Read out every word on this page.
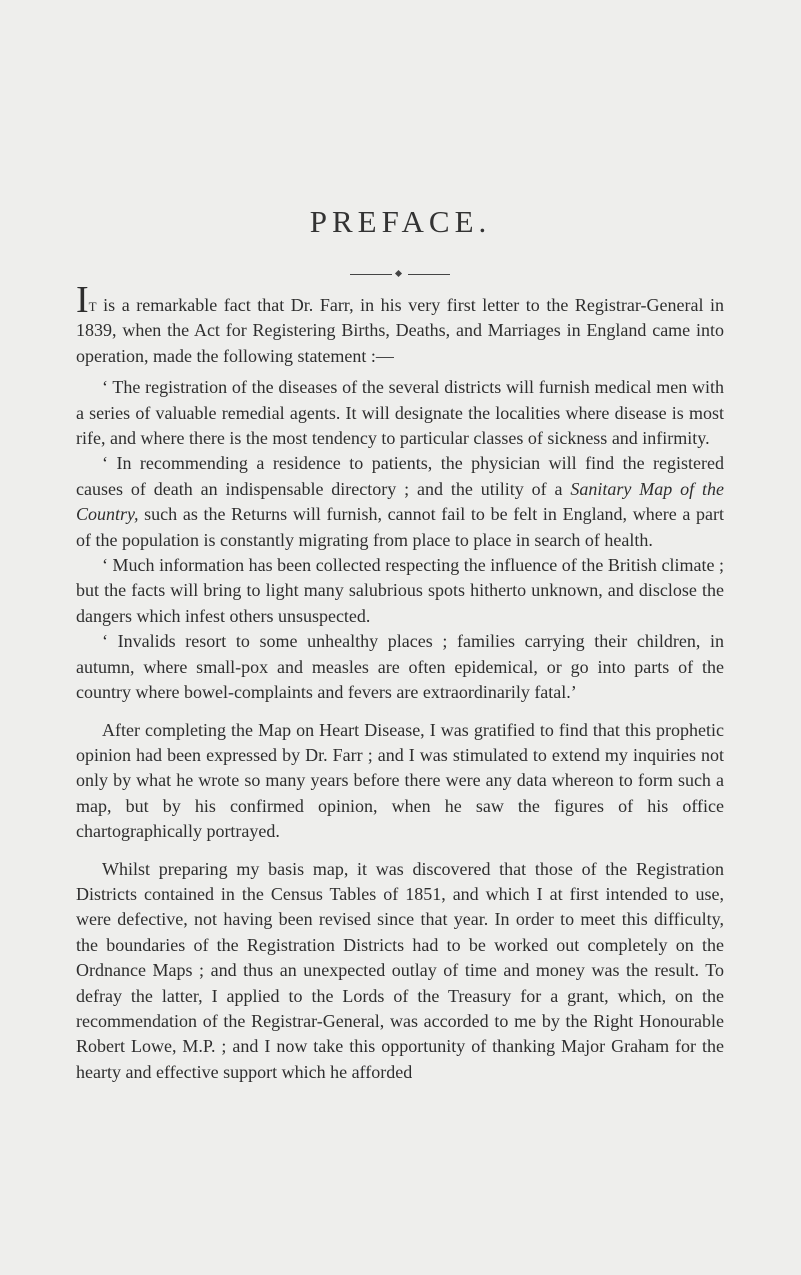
PREFACE.

It is a remarkable fact that Dr. Farr, in his very first letter to the Registrar-General in 1839, when the Act for Registering Births, Deaths, and Marriages in England came into operation, made the following statement :—

‘ The registration of the diseases of the several districts will furnish medical men with a series of valuable remedial agents. It will designate the localities where disease is most rife, and where there is the most tendency to particular classes of sickness and infirmity.

‘ In recommending a residence to patients, the physician will find the registered causes of death an indispensable directory ; and the utility of a Sanitary Map of the Country, such as the Returns will furnish, cannot fail to be felt in England, where a part of the population is constantly migrating from place to place in search of health.

‘ Much information has been collected respecting the influence of the British climate ; but the facts will bring to light many salubrious spots hitherto unknown, and disclose the dangers which infest others unsuspected.

‘ Invalids resort to some unhealthy places ; families carrying their children, in autumn, where small-pox and measles are often epidemical, or go into parts of the country where bowel-complaints and fevers are extraordinarily fatal.’

After completing the Map on Heart Disease, I was gratified to find that this prophetic opinion had been expressed by Dr. Farr ; and I was stimulated to extend my inquiries not only by what he wrote so many years before there were any data whereon to form such a map, but by his confirmed opinion, when he saw the figures of his office chartographically portrayed.

Whilst preparing my basis map, it was discovered that those of the Registration Districts contained in the Census Tables of 1851, and which I at first intended to use, were defective, not having been revised since that year. In order to meet this difficulty, the boundaries of the Registration Districts had to be worked out completely on the Ordnance Maps ; and thus an unexpected outlay of time and money was the result. To defray the latter, I applied to the Lords of the Treasury for a grant, which, on the recommendation of the Registrar-General, was accorded to me by the Right Honourable Robert Lowe, M.P. ; and I now take this opportunity of thanking Major Graham for the hearty and effective support which he afforded
